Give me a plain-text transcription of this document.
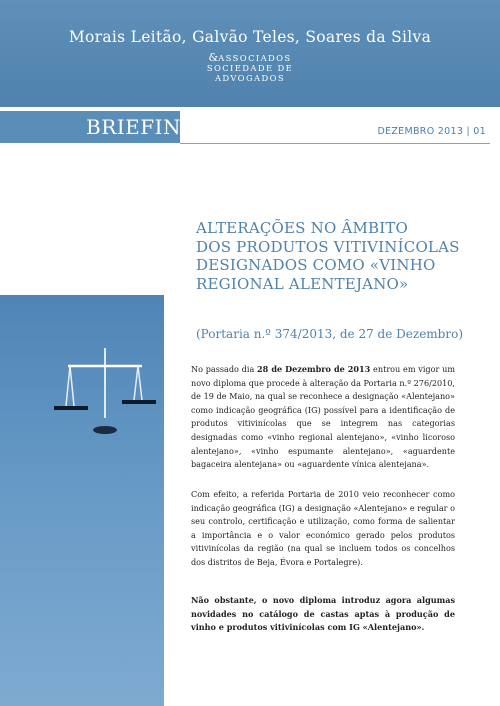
Morais Leitão, Galvão Teles, Soares da Silva
&ASSOCIADOS
SOCIEDADE DE
ADVOGADOS
BRIEFING	DEZEMBRO 2013 | 01
ALTERAÇÕES NO ÂMBITO
DOS PRODUTOS VITIVINÍCOLAS
DESIGNADOS COMO «VINHO
REGIONAL ALENTEJANO»
(Portaria n.º 374/2013, de 27 de Dezembro)

No passado dia 28 de Dezembro de 2013 entrou em vigor um novo diploma que procede à alteração da Portaria n.º 276/2010, de 19 de Maio, na qual se reconhece a designação «Alentejano» como indicação geográfica (IG) possível para a identificação de produtos vitivinícolas que se integrem nas categorias designadas como «vinho regional alentejano», «vinho licoroso alentejano», «vinho espumante alentejano», «aguardente bagaceira alentejana» ou «aguardente vínica alentejana».

Com efeito, a referida Portaria de 2010 veio reconhecer como indicação geográfica (IG) a designação «Alentejano» e regular o seu controlo, certificação e utilização, como forma de salientar a importância e o valor económico gerado pelos produtos vitivinícolas da região (na qual se incluem todos os concelhos dos distritos de Beja, Évora e Portalegre).

Não obstante, o novo diploma introduz agora algumas novidades no catálogo de castas aptas à produção de vinho e produtos vitivinícolas com IG «Alentejano».
